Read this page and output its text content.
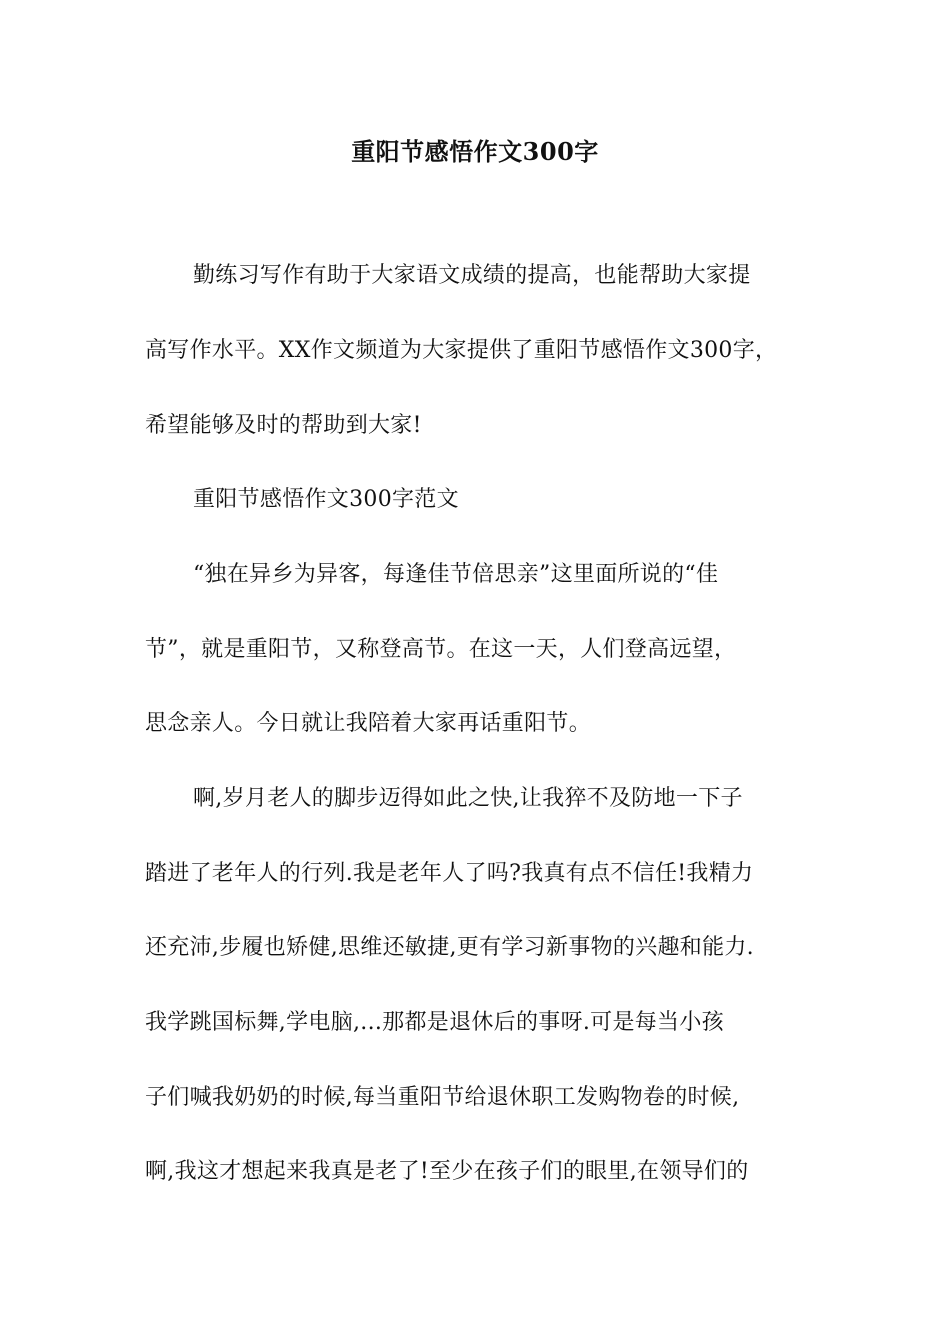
重阳节感悟作文300字
勤练习写作有助于大家语文成绩的提高，也能帮助大家提
高写作水平。XX作文频道为大家提供了重阳节感悟作文300字，
希望能够及时的帮助到大家!
重阳节感悟作文300字范文
“独在异乡为异客，每逢佳节倍思亲”这里面所说的“佳
节”，就是重阳节，又称登高节。在这一天，人们登高远望，
思念亲人。今日就让我陪着大家再话重阳节。
啊,岁月老人的脚步迈得如此之快,让我猝不及防地一下子
踏进了老年人的行列.我是老年人了吗?我真有点不信任!我精力
还充沛,步履也矫健,思维还敏捷,更有学习新事物的兴趣和能力.
我学跳国标舞,学电脑,...那都是退休后的事呀.可是每当小孩
子们喊我奶奶的时候,每当重阳节给退休职工发购物卷的时候,
啊,我这才想起来我真是老了!至少在孩子们的眼里,在领导们的
